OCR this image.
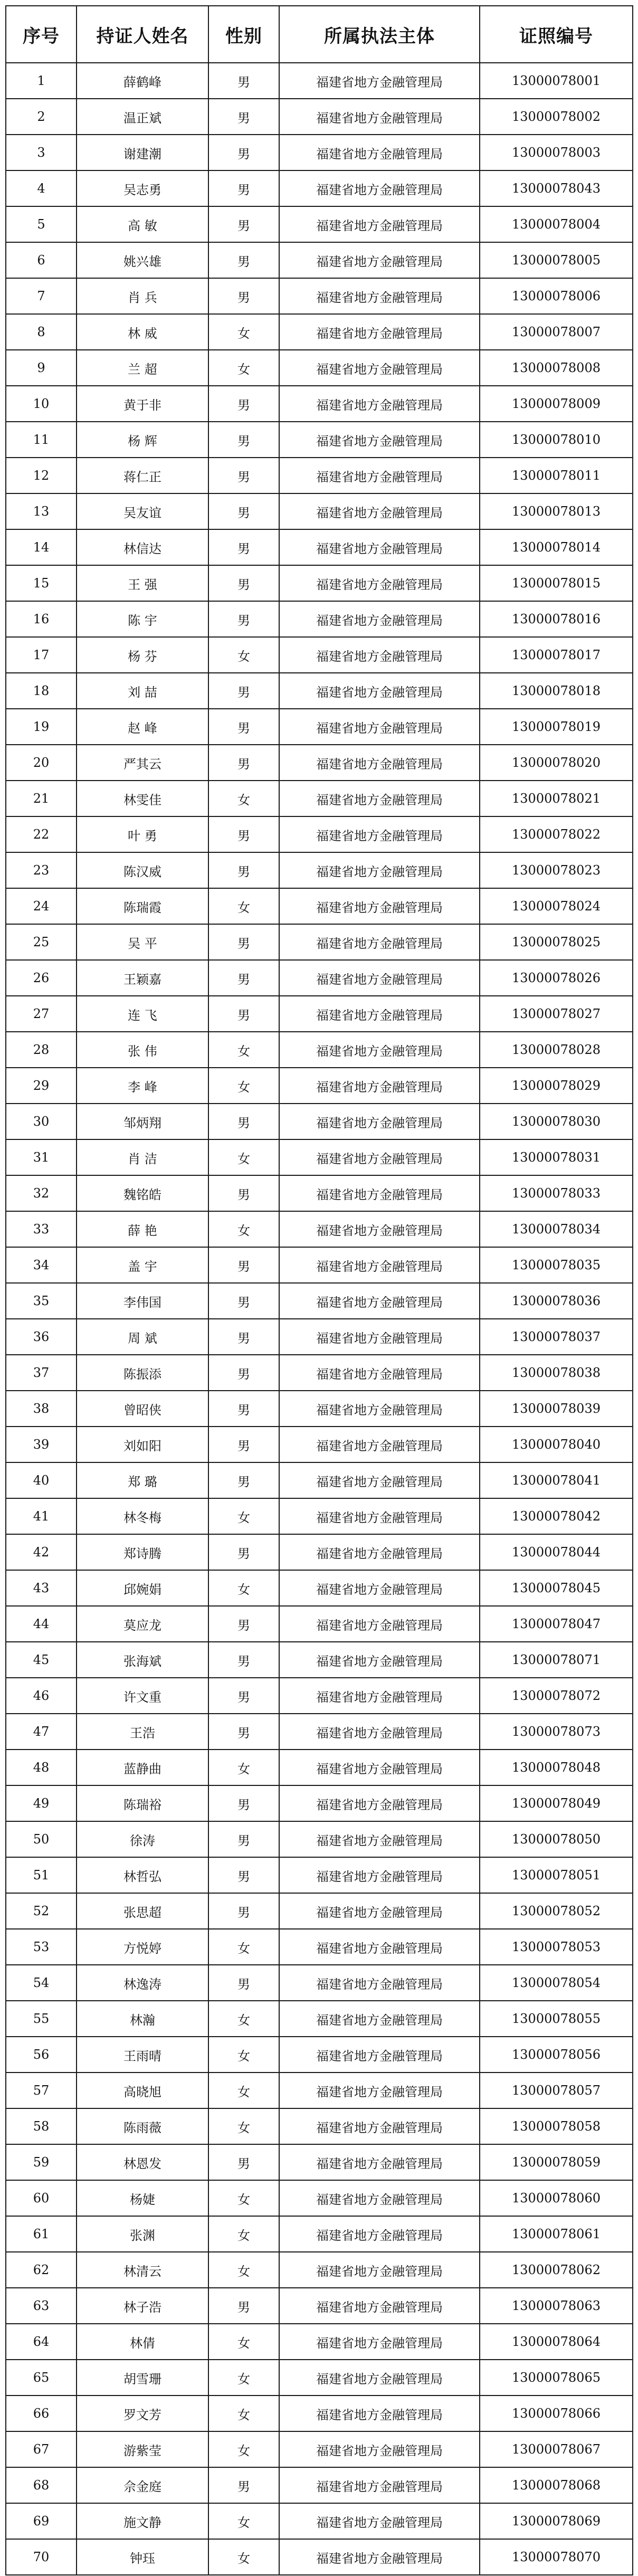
序号	持证人姓名	性别	所属执法主体	证照编号
1	薛鹤峰	男	福建省地方金融管理局	13000078001
2	温正斌	男	福建省地方金融管理局	13000078002
3	谢建潮	男	福建省地方金融管理局	13000078003
4	吴志勇	男	福建省地方金融管理局	13000078043
5	高 敏	男	福建省地方金融管理局	13000078004
6	姚兴雄	男	福建省地方金融管理局	13000078005
7	肖 兵	男	福建省地方金融管理局	13000078006
8	林 威	女	福建省地方金融管理局	13000078007
9	兰 超	女	福建省地方金融管理局	13000078008
10	黄于非	男	福建省地方金融管理局	13000078009
11	杨 辉	男	福建省地方金融管理局	13000078010
12	蒋仁正	男	福建省地方金融管理局	13000078011
13	吴友谊	男	福建省地方金融管理局	13000078013
14	林信达	男	福建省地方金融管理局	13000078014
15	王 强	男	福建省地方金融管理局	13000078015
16	陈 宇	男	福建省地方金融管理局	13000078016
17	杨 芬	女	福建省地方金融管理局	13000078017
18	刘 喆	男	福建省地方金融管理局	13000078018
19	赵 峰	男	福建省地方金融管理局	13000078019
20	严其云	男	福建省地方金融管理局	13000078020
21	林雯佳	女	福建省地方金融管理局	13000078021
22	叶 勇	男	福建省地方金融管理局	13000078022
23	陈汉威	男	福建省地方金融管理局	13000078023
24	陈瑞霞	女	福建省地方金融管理局	13000078024
25	吴 平	男	福建省地方金融管理局	13000078025
26	王颖嘉	男	福建省地方金融管理局	13000078026
27	连 飞	男	福建省地方金融管理局	13000078027
28	张 伟	女	福建省地方金融管理局	13000078028
29	李 峰	女	福建省地方金融管理局	13000078029
30	邹炳翔	男	福建省地方金融管理局	13000078030
31	肖 洁	女	福建省地方金融管理局	13000078031
32	魏铭皓	男	福建省地方金融管理局	13000078033
33	薛 艳	女	福建省地方金融管理局	13000078034
34	盖 宇	男	福建省地方金融管理局	13000078035
35	李伟国	男	福建省地方金融管理局	13000078036
36	周 斌	男	福建省地方金融管理局	13000078037
37	陈振添	男	福建省地方金融管理局	13000078038
38	曾昭侠	男	福建省地方金融管理局	13000078039
39	刘如阳	男	福建省地方金融管理局	13000078040
40	郑 璐	男	福建省地方金融管理局	13000078041
41	林冬梅	女	福建省地方金融管理局	13000078042
42	郑诗腾	男	福建省地方金融管理局	13000078044
43	邱婉娟	女	福建省地方金融管理局	13000078045
44	莫应龙	男	福建省地方金融管理局	13000078047
45	张海斌	男	福建省地方金融管理局	13000078071
46	许文重	男	福建省地方金融管理局	13000078072
47	王浩	男	福建省地方金融管理局	13000078073
48	蓝静曲	女	福建省地方金融管理局	13000078048
49	陈瑞裕	男	福建省地方金融管理局	13000078049
50	徐涛	男	福建省地方金融管理局	13000078050
51	林哲弘	男	福建省地方金融管理局	13000078051
52	张思超	男	福建省地方金融管理局	13000078052
53	方悦婷	女	福建省地方金融管理局	13000078053
54	林逸涛	男	福建省地方金融管理局	13000078054
55	林瀚	女	福建省地方金融管理局	13000078055
56	王雨晴	女	福建省地方金融管理局	13000078056
57	高晓旭	女	福建省地方金融管理局	13000078057
58	陈雨薇	女	福建省地方金融管理局	13000078058
59	林恩发	男	福建省地方金融管理局	13000078059
60	杨婕	女	福建省地方金融管理局	13000078060
61	张渊	女	福建省地方金融管理局	13000078061
62	林清云	女	福建省地方金融管理局	13000078062
63	林子浩	男	福建省地方金融管理局	13000078063
64	林倩	女	福建省地方金融管理局	13000078064
65	胡雪珊	女	福建省地方金融管理局	13000078065
66	罗文芳	女	福建省地方金融管理局	13000078066
67	游紫莹	女	福建省地方金融管理局	13000078067
68	佘金庭	男	福建省地方金融管理局	13000078068
69	施文静	女	福建省地方金融管理局	13000078069
70	钟珏	女	福建省地方金融管理局	13000078070
